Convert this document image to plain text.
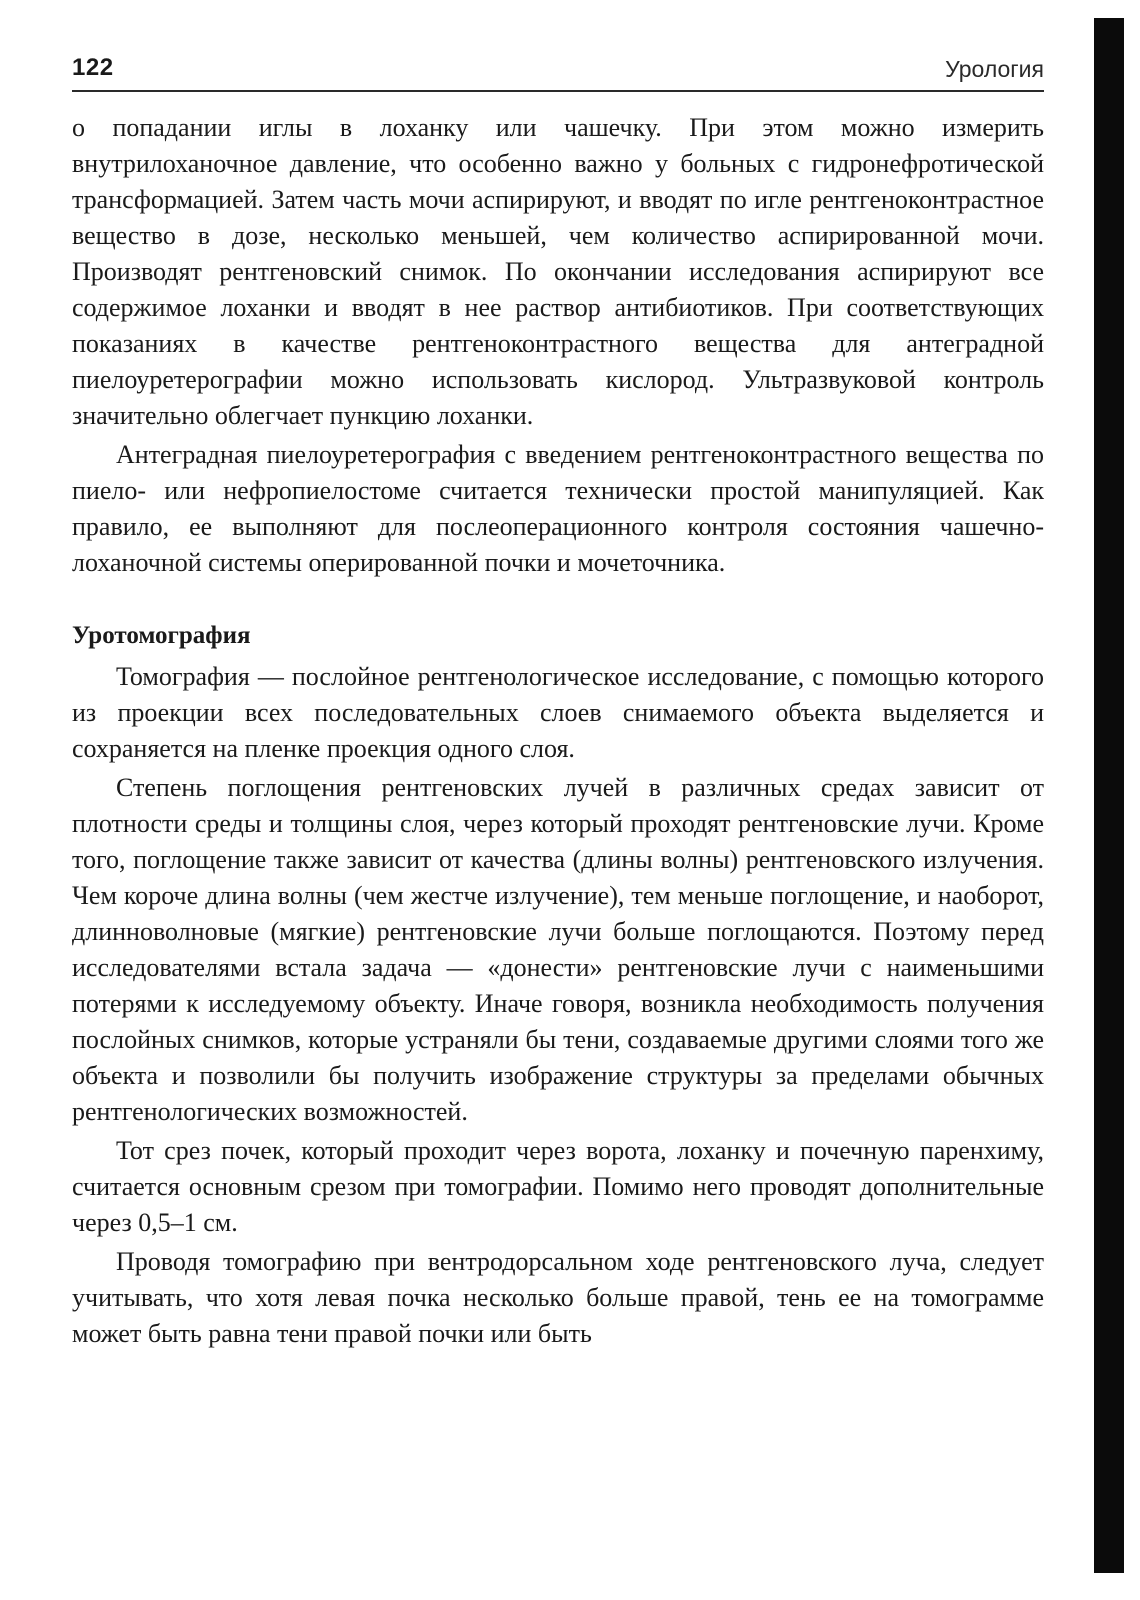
122	Урология

о попадании иглы в лоханку или чашечку. При этом можно измерить внутрилоханочное давление, что особенно важно у больных с гидронефротической трансформацией. Затем часть мочи аспирируют, и вводят по игле рентгеноконтрастное вещество в дозе, несколько меньшей, чем количество аспирированной мочи. Производят рентгеновский снимок. По окончании исследования аспирируют все содержимое лоханки и вводят в нее раствор антибиотиков. При соответствующих показаниях в качестве рентгеноконтрастного вещества для антеградной пиелоуретерографии можно использовать кислород. Ультразвуковой контроль значительно облегчает пункцию лоханки.

Антеградная пиелоуретерография с введением рентгеноконтрастного вещества по пиело- или нефропиелостоме считается технически простой манипуляцией. Как правило, ее выполняют для послеоперационного контроля состояния чашечно-лоханочной системы оперированной почки и мочеточника.

Уротомография

Томография — послойное рентгенологическое исследование, с помощью которого из проекции всех последовательных слоев снимаемого объекта выделяется и сохраняется на пленке проекция одного слоя.

Степень поглощения рентгеновских лучей в различных средах зависит от плотности среды и толщины слоя, через который проходят рентгеновские лучи. Кроме того, поглощение также зависит от качества (длины волны) рентгеновского излучения. Чем короче длина волны (чем жестче излучение), тем меньше поглощение, и наоборот, длинноволновые (мягкие) рентгеновские лучи больше поглощаются. Поэтому перед исследователями встала задача — «донести» рентгеновские лучи с наименьшими потерями к исследуемому объекту. Иначе говоря, возникла необходимость получения послойных снимков, которые устраняли бы тени, создаваемые другими слоями того же объекта и позволили бы получить изображение структуры за пределами обычных рентгенологических возможностей.

Тот срез почек, который проходит через ворота, лоханку и почечную паренхиму, считается основным срезом при томографии. Помимо него проводят дополнительные через 0,5–1 см.

Проводя томографию при вентродорсальном ходе рентгеновского луча, следует учитывать, что хотя левая почка несколько больше правой, тень ее на томограмме может быть равна тени правой почки или быть
